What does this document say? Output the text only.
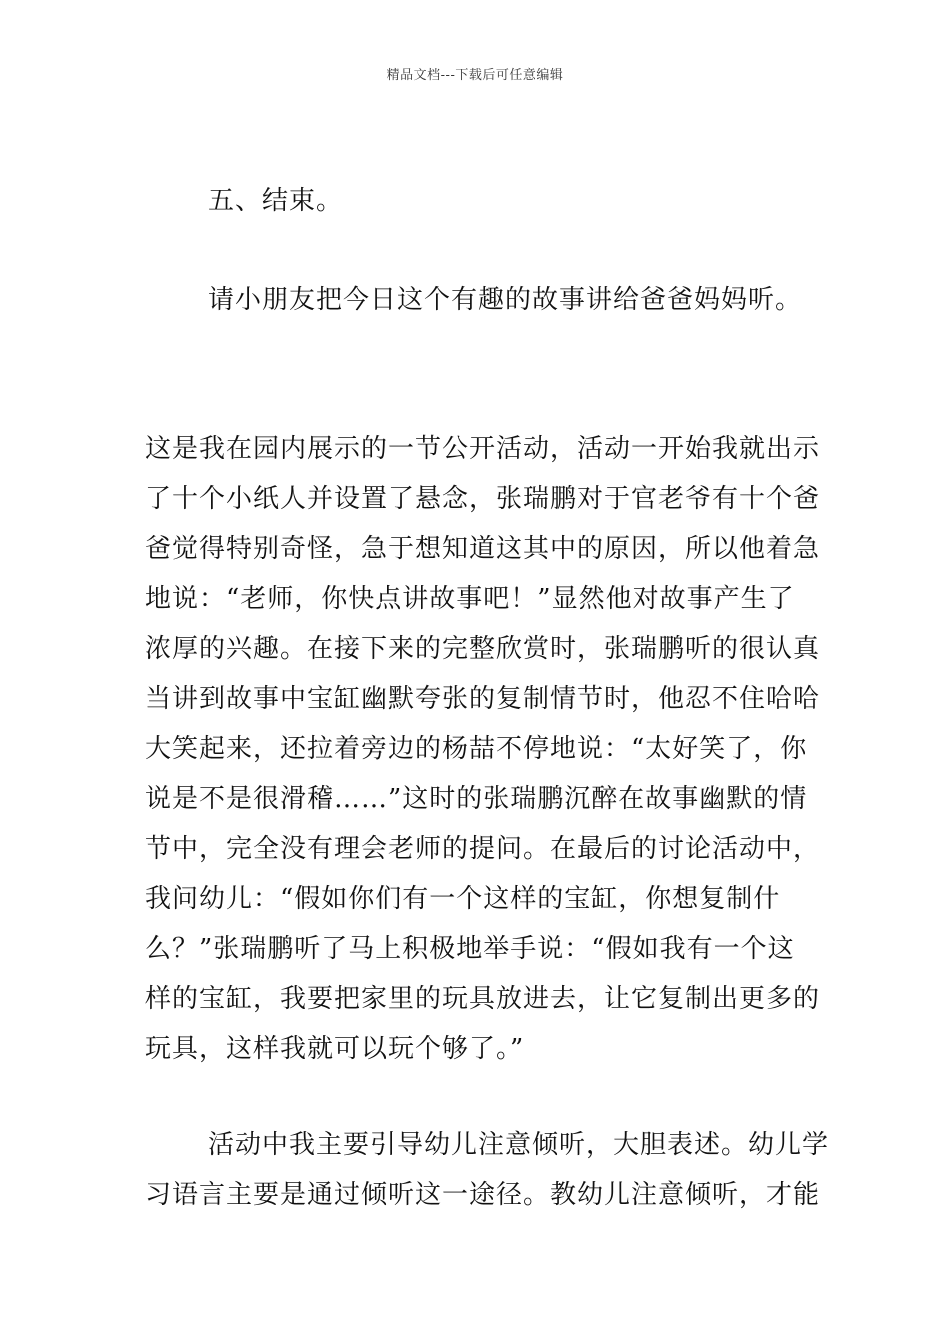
精品文档---下载后可任意编辑
五、结束。
请小朋友把今日这个有趣的故事讲给爸爸妈妈听。
这是我在园内展示的一节公开活动，活动一开始我就出示
了十个小纸人并设置了悬念，张瑞鹏对于官老爷有十个爸
爸觉得特别奇怪，急于想知道这其中的原因，所以他着急
地说：“老师，你快点讲故事吧！”显然他对故事产生了
浓厚的兴趣。在接下来的完整欣赏时，张瑞鹏听的很认真
当讲到故事中宝缸幽默夸张的复制情节时，他忍不住哈哈
大笑起来，还拉着旁边的杨喆不停地说：“太好笑了，你
说是不是很滑稽……”这时的张瑞鹏沉醉在故事幽默的情
节中，完全没有理会老师的提问。在最后的讨论活动中，
我问幼儿：“假如你们有一个这样的宝缸，你想复制什
么？”张瑞鹏听了马上积极地举手说：“假如我有一个这
样的宝缸，我要把家里的玩具放进去，让它复制出更多的
玩具，这样我就可以玩个够了。”
活动中我主要引导幼儿注意倾听，大胆表述。幼儿学
习语言主要是通过倾听这一途径。教幼儿注意倾听，才能
